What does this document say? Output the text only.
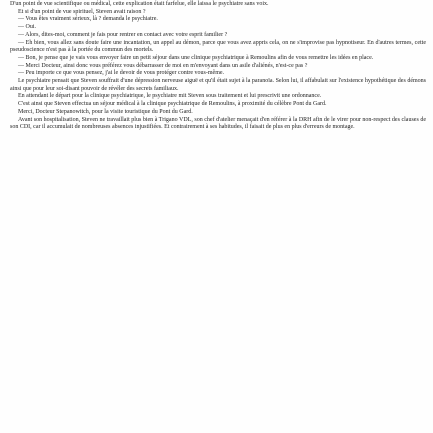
D'un point de vue scientifique ou médical, cette explication était farfelue, elle laissa le psychiatre sans voix.

Et si d'un point de vue spirituel, Steven avait raison ?

— Vous êtes vraiment sérieux, là ? demanda le psychiatre.

— Oui.

— Alors, dites-moi, comment je fais pour rentrer en contact avec votre esprit familier ?

— Eh bien, vous allez sans doute faire une incantation, un appel au démon, parce que vous avez appris cela, on ne s'improvise pas hypnotiseur. En d'autres termes, cette pseudoscience n'est pas à la portée du commun des mortels.

— Bon, je pense que je vais vous envoyer faire un petit séjour dans une clinique psychiatrique à Remoulins afin de vous remettre les idées en place.

— Merci Docteur, ainsi donc vous préférez vous débarrasser de moi en m'envoyant dans un asile d'aliénés, n'est-ce pas ?

— Peu importe ce que vous pensez, j'ai le devoir de vous protéger contre vous-même.

Le psychiatre pensait que Steven souffrait d'une dépression nerveuse aiguë et qu'il était sujet à la paranoïa. Selon lui, il affabulait sur l'existence hypothétique des démons ainsi que pour leur soi-disant pouvoir de révéler des secrets familiaux.

En attendant le départ pour la clinique psychiatrique, le psychiatre mit Steven sous traitement et lui prescrivit une ordonnance.

C'est ainsi que Steven effectua un séjour médical à la clinique psychiatrique de Remoulins, à proximité du célèbre Pont du Gard.

Merci, Docteur Stepanowitch, pour la visite touristique du Pont du Gard.

Avant son hospitalisation, Steven ne travaillait plus bien à Trigano VDL, son chef d'atelier menaçait d'en référer à la DRH afin de le virer pour non-respect des clauses de son CDI, car il accumulait de nombreuses absences injustifiées. Et contrairement à ses habitudes, il faisait de plus en plus d'erreurs de montage.
